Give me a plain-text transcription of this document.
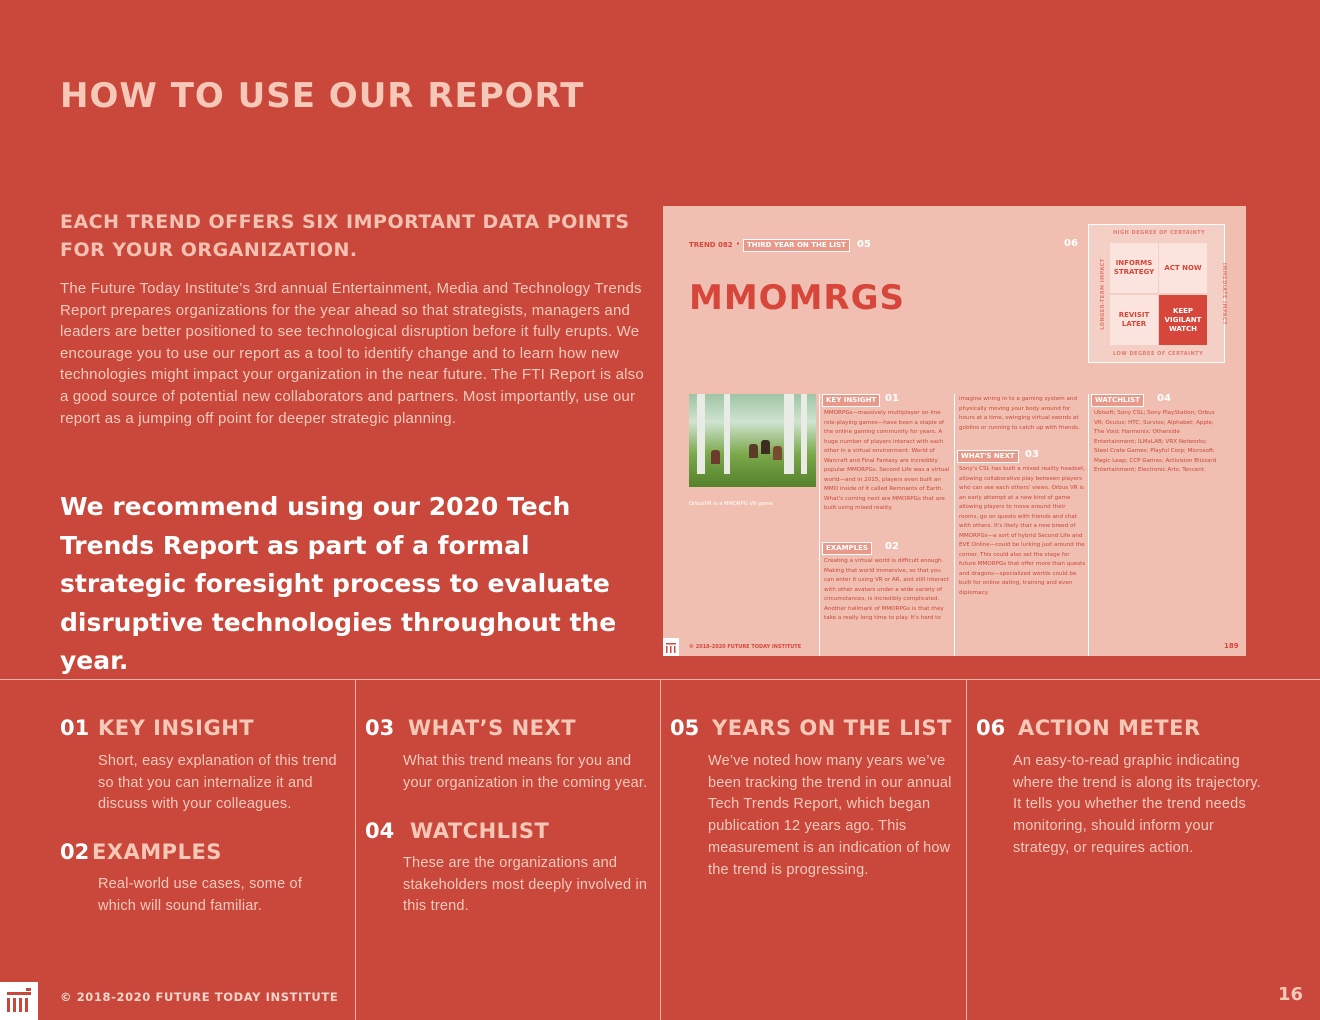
HOW TO USE OUR REPORT
EACH TREND OFFERS SIX IMPORTANT DATA POINTS FOR YOUR ORGANIZATION.
The Future Today Institute’s 3rd annual Entertainment, Media and Technology Trends Report prepares organizations for the year ahead so that strategists, managers and leaders are better positioned to see technological disruption before it fully erupts. We encourage you to use our report as a tool to identify change and to learn how new technologies might impact your organization in the near future. The FTI Report is also a good source of potential new collaborators and partners. Most importantly, use our report as a jumping off point for deeper strategic planning.
We recommend using our 2020 Tech Trends Report as part of a formal strategic foresight process to evaluate disruptive technologies throughout the year.
TREND 082 • THIRD YEAR ON THE LIST	05	06
MMOMRGS
HIGH DEGREE OF CERTAINTY
LOW DEGREE OF CERTAINTY
LONGER-TERM IMPACT	IMMEDIATE IMPACT
INFORMS STRATEGY
ACT NOW
REVISIT LATER
KEEP VIGILANT WATCH
OrbusVR is a MMORPG VR game
KEY INSIGHT 01
MMORPGs—massively multiplayer on-line role-playing games—have been a staple of the online gaming community for years. A huge number of players interact with each other in a virtual environment. World of Warcraft and Final Fantasy are incredibly popular MMORPGs. Second Life was a virtual world—and in 2015, players even built an MMO inside of it called Remnants of Earth. What's coming next are MMORPGs that are built using mixed reality.
EXAMPLES	02
Creating a virtual world is difficult enough. Making that world immersive, so that you can enter it using VR or AR, and still interact with other avatars under a wide variety of circumstances, is incredibly complicated. Another hallmark of MMORPGs is that they take a really long time to play. It's hard to
imagine wiring in to a gaming system and physically moving your body around for hours at a time, swinging virtual swords at goblins or running to catch up with friends.
WHAT'S NEXT	03
Sony's CSL has built a mixed reality headset, allowing collaborative play between players who can see each others' views. Orbus VR is an early attempt at a new kind of game allowing players to move around their rooms, go on quests with friends and chat with others. It's likely that a new breed of MMORPGs—a sort of hybrid Second Life and EVE Online—could be lurking just around the corner. This could also set the stage for future MMORPGs that offer more than quests and dragons—specialized worlds could be built for online dating, training and even diplomacy.
WATCHLIST	04
Ubisoft; Sony CSL; Sony PlayStation; Orbus VR; Oculus; HTC; Survios; Alphabet; Apple; The Void; Harmonix; Otherside Entertainment; ILMxLAB; VRX Networks; Steel Crate Games; Playful Corp; Microsoft; Magic Leap; CCP Games; Activision Blizzard Entertainment; Electronic Arts; Tencent.
© 2018-2020 FUTURE TODAY INSTITUTE	189
01 KEY INSIGHT
Short, easy explanation of this trend so that you can internalize it and discuss with your colleagues.
02 EXAMPLES
Real-world use cases, some of which will sound familiar.
03 WHAT’S NEXT
What this trend means for you and your organization in the coming year.
04 WATCHLIST
These are the organizations and stakeholders most deeply involved in this trend.
05 YEARS ON THE LIST
We’ve noted how many years we’ve been tracking the trend in our annual Tech Trends Report, which began publication 12 years ago. This measurement is an indication of how the trend is progressing.
06 ACTION METER
An easy-to-read graphic indicating where the trend is along its trajectory. It tells you whether the trend needs monitoring, should inform your strategy, or requires action.
© 2018-2020 FUTURE TODAY INSTITUTE	16
